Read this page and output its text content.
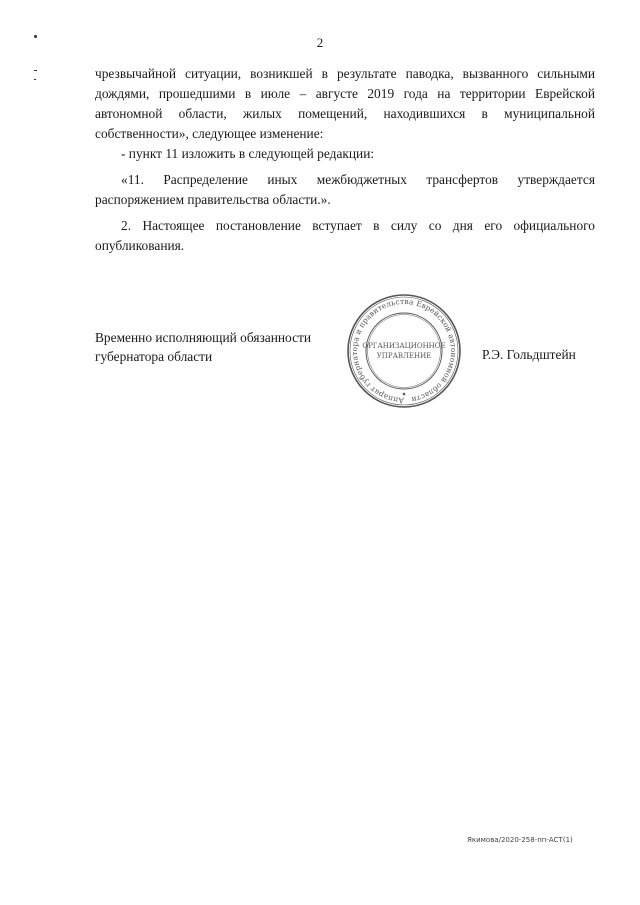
2

чрезвычайной ситуации, возникшей в результате паводка, вызванного сильными дождями, прошедшими в июле – августе 2019 года на территории Еврейской автономной области, жилых помещений, находившихся в муниципальной собственности», следующее изменение:

- пункт 11 изложить в следующей редакции:

«11. Распределение иных межбюджетных трансфертов утверждается распоряжением правительства области.».

2. Настоящее постановление вступает в силу со дня его официального опубликования.

Временно исполняющий обязанности
губернатора области
Аппарат губернатора и правительства Еврейской автономной области
ОРГАНИЗАЦИОННОЕ
УПРАВЛЕНИЕ	Р.Э. Гольдштейн
Якимова/2020-258-пп-АСТ(1)
